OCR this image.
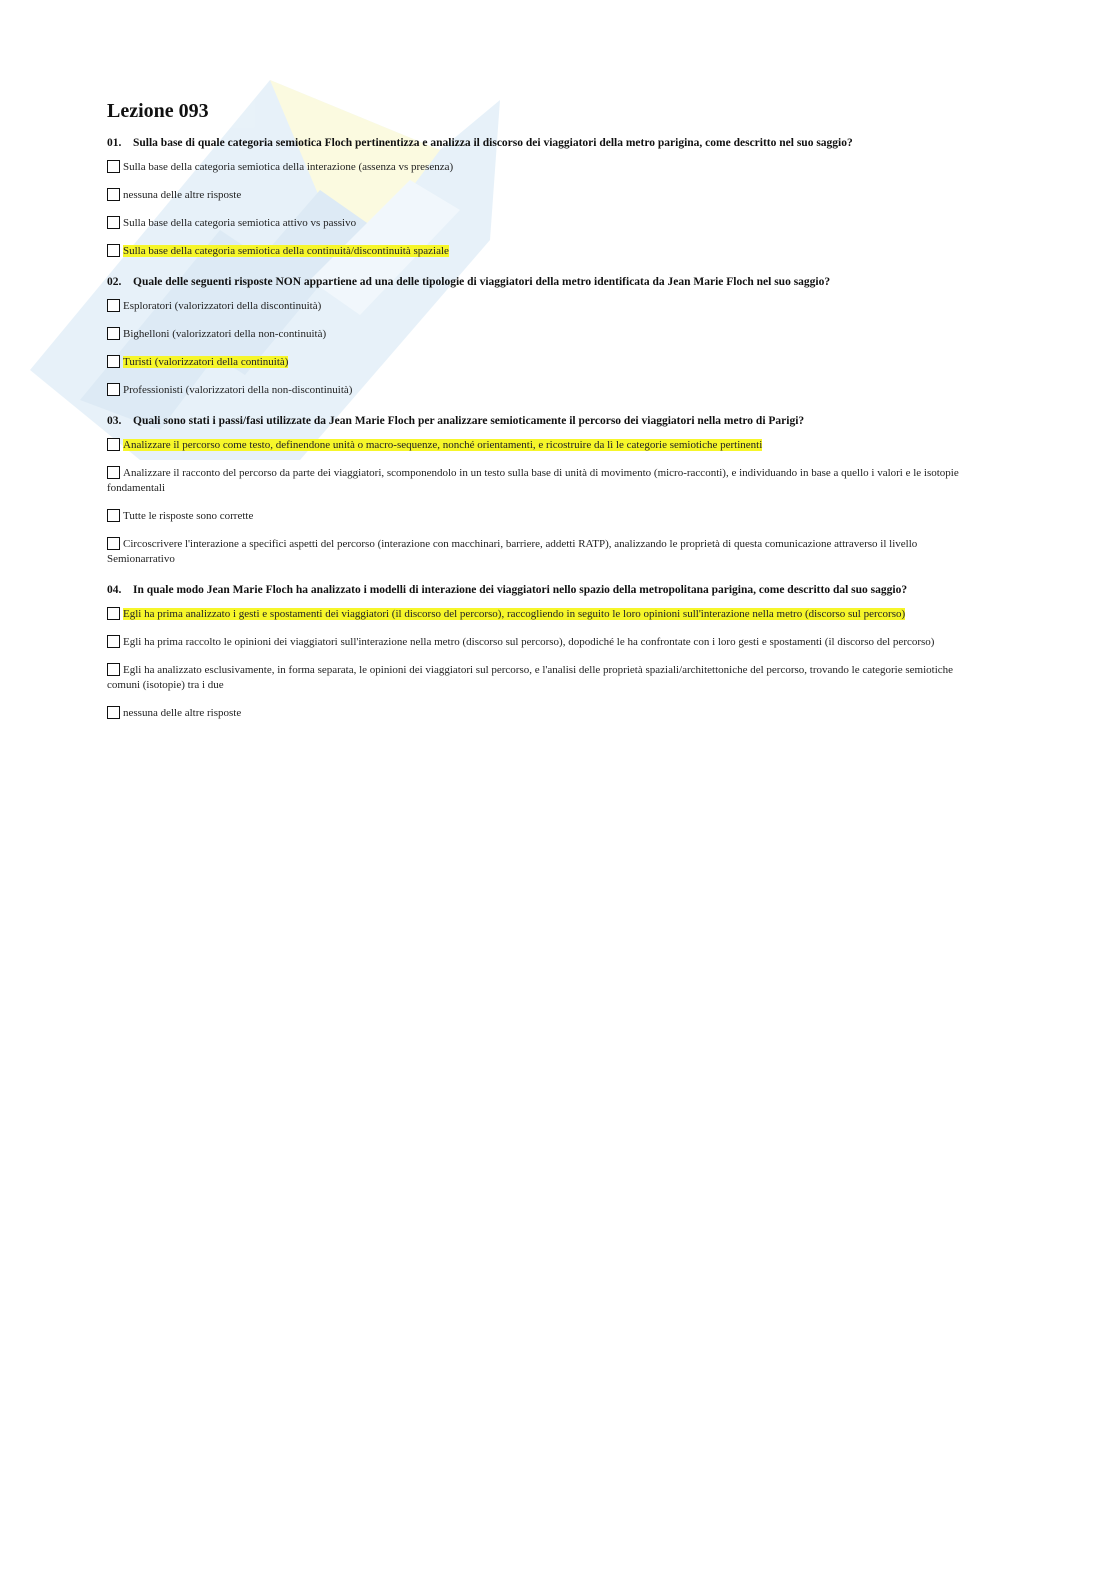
Lezione 093

01. Sulla base di quale categoria semiotica Floch pertinentizza e analizza il discorso dei viaggiatori della metro parigina, come descritto nel suo saggio?

Sulla base della categoria semiotica della interazione (assenza vs presenza)

nessuna delle altre risposte

Sulla base della categoria semiotica attivo vs passivo

Sulla base della categoria semiotica della continuità/discontinuità spaziale

02. Quale delle seguenti risposte NON appartiene ad una delle tipologie di viaggiatori della metro identificata da Jean Marie Floch nel suo saggio?

Esploratori (valorizzatori della discontinuità)

Bighelloni (valorizzatori della non-continuità)

Turisti (valorizzatori della continuità)

Professionisti (valorizzatori della non-discontinuità)

03. Quali sono stati i passi/fasi utilizzate da Jean Marie Floch per analizzare semioticamente il percorso dei viaggiatori nella metro di Parigi?

Analizzare il percorso come testo, definendone unità o macro-sequenze, nonché orientamenti, e ricostruire da lì le categorie semiotiche pertinenti

Analizzare il racconto del percorso da parte dei viaggiatori, scomponendolo in un testo sulla base di unità di movimento (micro-racconti), e individuando in base a quello i valori e le isotopie fondamentali

Tutte le risposte sono corrette

Circoscrivere l'interazione a specifici aspetti del percorso (interazione con macchinari, barriere, addetti RATP), analizzando le proprietà di questa comunicazione attraverso il livello Semionarrativo

04. In quale modo Jean Marie Floch ha analizzato i modelli di interazione dei viaggiatori nello spazio della metropolitana parigina, come descritto dal suo saggio?

Egli ha prima analizzato i gesti e spostamenti dei viaggiatori (il discorso del percorso), raccogliendo in seguito le loro opinioni sull'interazione nella metro (discorso sul percorso)

Egli ha prima raccolto le opinioni dei viaggiatori sull'interazione nella metro (discorso sul percorso), dopodiché le ha confrontate con i loro gesti e spostamenti (il discorso del percorso)

Egli ha analizzato esclusivamente, in forma separata, le opinioni dei viaggiatori sul percorso, e l'analisi delle proprietà spaziali/architettoniche del percorso, trovando le categorie semiotiche comuni (isotopie) tra i due

nessuna delle altre risposte
